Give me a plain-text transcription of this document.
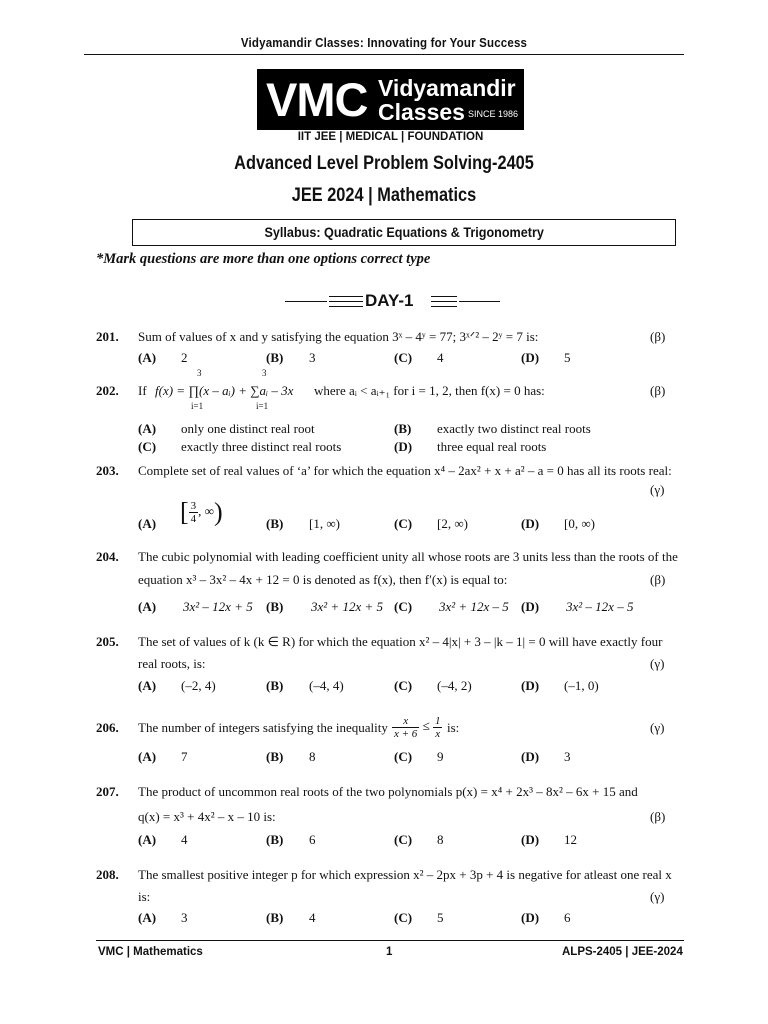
Vidyamandir Classes: Innovating for Your Success
VMC Vidyamandir
Classes SINCE 1986
IIT JEE | MEDICAL | FOUNDATION
Advanced Level Problem Solving-2405
JEE 2024 | Mathematics
Syllabus: Quadratic Equations & Trigonometry
*Mark questions are more than one options correct type
DAY-1
201. Sum of values of x and y satisfying the equation 3ˣ – 4ʸ = 77; 3ˣᐟ² – 2ʸ = 7 is:	(β)
(A) 2	(B) 3	(C) 4	(D) 5
202. If f(x) = ∏(x – aᵢ) + ∑aᵢ – 3x
3
i=1
3
i=1
where aᵢ < aᵢ₊₁ for i = 1, 2, then f(x) = 0 has:	(β)
(A) only one distinct real root	(B) exactly two distinct real roots
(C) exactly three distinct real roots	(D) three equal real roots
203. Complete set of real values of ‘a’ for which the equation x⁴ – 2ax² + x + a² – a = 0 has all its roots real:
(γ)
(A) [ $\frac{3}{4}$ , ∞)	(B) [1, ∞)	(C) [2, ∞)	(D) [0, ∞)
204. The cubic polynomial with leading coefficient unity all whose roots are 3 units less than the roots of the
equation x³ – 3x² – 4x + 12 = 0 is denoted as f(x), then f′(x) is equal to:	(β)
(A) 3x² – 12x + 5 (B) 3x² + 12x + 5 (C) 3x² + 12x – 5 (D) 3x² – 12x – 5
205. The set of values of k (k ∈ R) for which the equation x² – 4|x| + 3 – |k – 1| = 0 will have exactly four
real roots, is:	(γ)
(A) (–2, 4)	(B) (–4, 4)	(C) (–4, 2)	(D) (–1, 0)
206. The number of integers satisfying the inequality $\frac{x}{x + 6} \le \frac{1}{x}$ is:	(γ)
(A) 7	(B) 8	(C) 9	(D) 3
207. The product of uncommon real roots of the two polynomials p(x) = x⁴ + 2x³ – 8x² – 6x + 15 and
q(x) = x³ + 4x² – x – 10 is:	(β)
(A) 4	(B) 6	(C) 8	(D) 12
208. The smallest positive integer p for which expression x² – 2px + 3p + 4 is negative for atleast one real x
is:	(γ)
(A) 3	(B) 4	(C) 5	(D) 6
VMC | Mathematics	1	ALPS-2405 | JEE-2024
